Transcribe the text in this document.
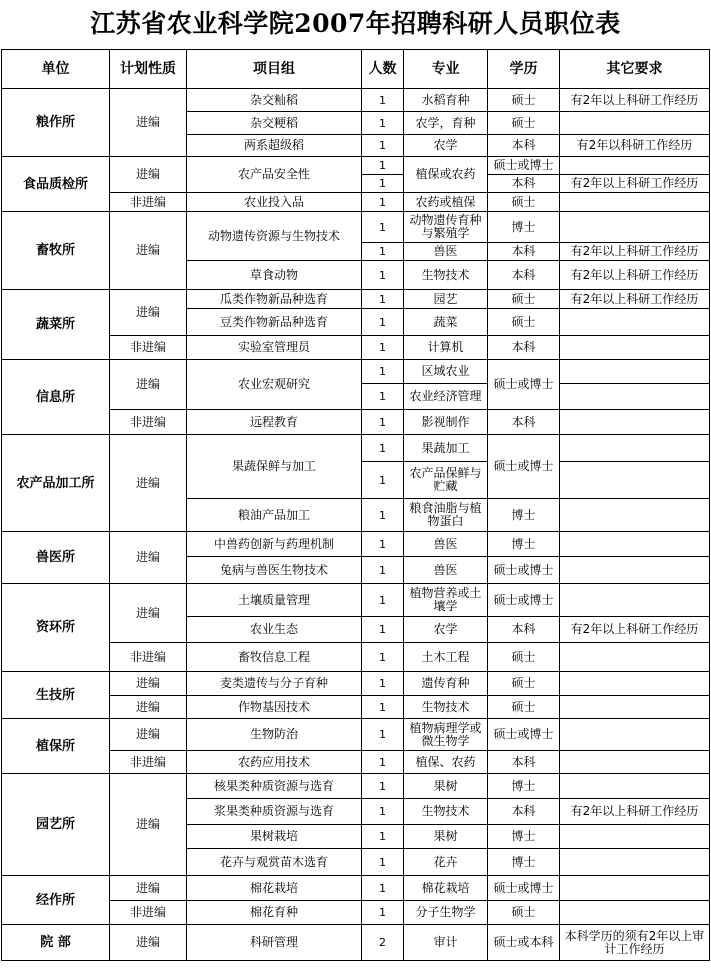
江苏省农业科学院2007年招聘科研人员职位表
单位	计划性质	项目组	人数	专业	学历	其它要求
粮作所	进编	杂交籼稻	1	水稻育种	硕士	有2年以上科研工作经历
		杂交粳稻	1	农学，育种	硕士	
		两系超级稻	1	农学	本科	有2年以科研工作经历
食品质检所	进编	农产品安全性	1	植保或农药	硕士或博士	
			1		本科	有2年以上科研工作经历
	非进编	农业投入品	1	农药或植保	硕士	
畜牧所	进编	动物遗传资源与生物技术	1	动物遗传育种与繁殖学	博士	
			1	兽医	本科	有2年以上科研工作经历
		草食动物	1	生物技术	本科	有2年以上科研工作经历
蔬菜所	进编	瓜类作物新品种选育	1	园艺	硕士	有2年以上科研工作经历
		豆类作物新品种选育	1	蔬菜	硕士	
	非进编	实验室管理员	1	计算机	本科	
信息所	进编	农业宏观研究	1	区域农业	硕士或博士	
			1	农业经济管理		
	非进编	远程教育	1	影视制作	本科	
农产品加工所	进编	果蔬保鲜与加工	1	果蔬加工	硕士或博士	
			1	农产品保鲜与贮藏		
		粮油产品加工	1	粮食油脂与植物蛋白	博士	
兽医所	进编	中兽药创新与药理机制	1	兽医	博士	
		兔病与兽医生物技术	1	兽医	硕士或博士	
资环所	进编	土壤质量管理	1	植物营养或土壤学	硕士或博士	
		农业生态	1	农学	本科	有2年以上科研工作经历
	非进编	畜牧信息工程	1	土木工程	硕士	
生技所	进编	麦类遗传与分子育种	1	遗传育种	硕士	
	进编	作物基因技术	1	生物技术	硕士	
植保所	进编	生物防治	1	植物病理学或微生物学	硕士或博士	
	非进编	农药应用技术	1	植保、农药	本科	
园艺所	进编	核果类种质资源与选育	1	果树	博士	
		浆果类种质资源与选育	1	生物技术	本科	有2年以上科研工作经历
		果树栽培	1	果树	博士	
		花卉与观赏苗木选育	1	花卉	博士	
经作所	进编	棉花栽培	1	棉花栽培	硕士或博士	
	非进编	棉花育种	1	分子生物学	硕士	
院 部	进编	科研管理	2	审计	硕士或本科	本科学历的须有2年以上审计工作经历
